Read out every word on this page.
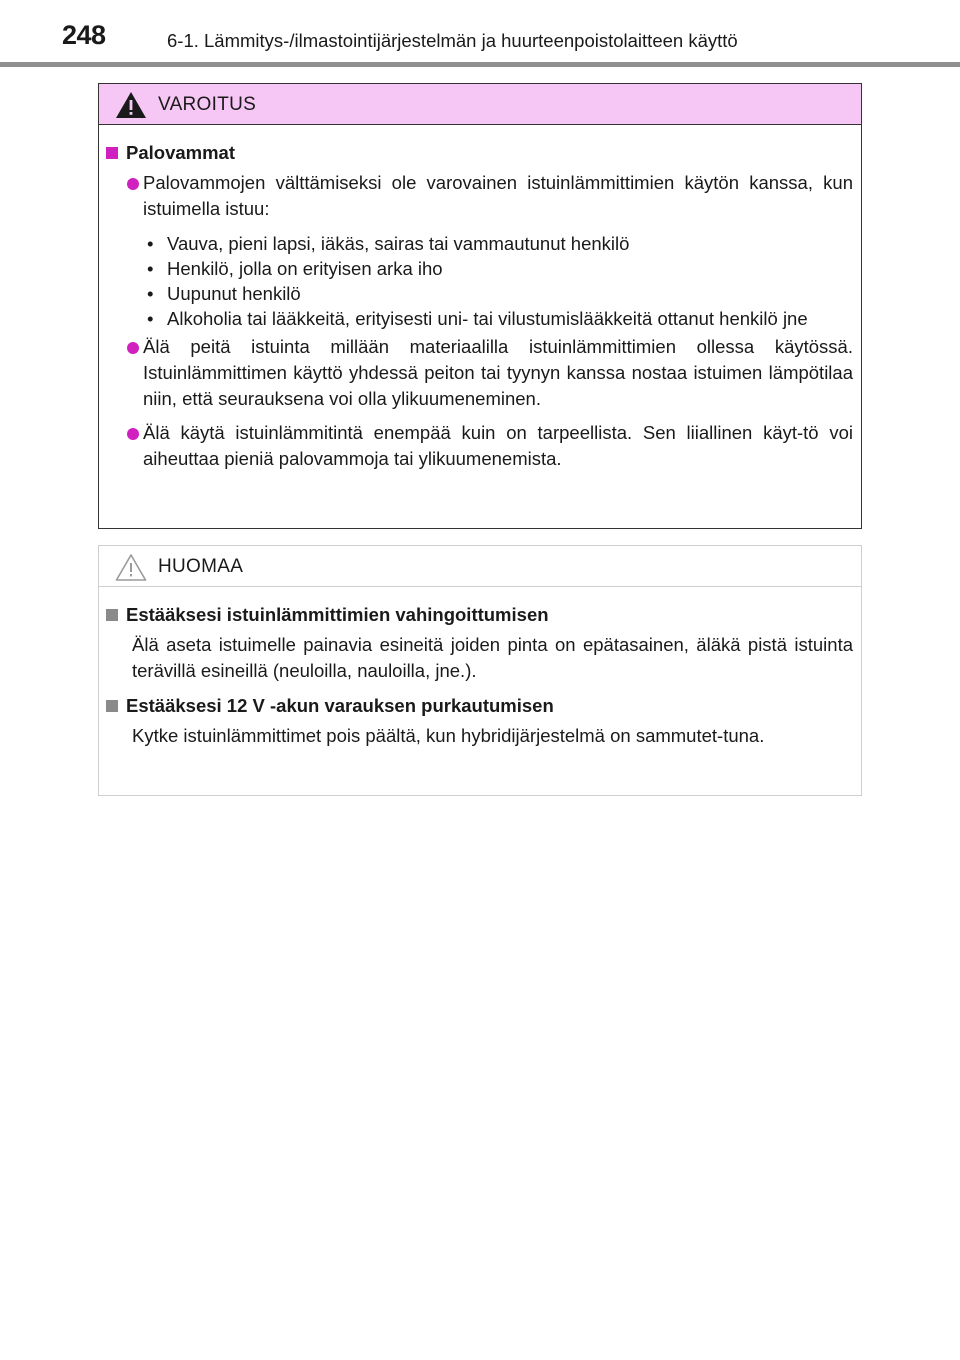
248	6-1. Lämmitys-/ilmastointijärjestelmän ja huurteenpoistolaitteen käyttö
VAROITUS
Palovammat
Palovammojen välttämiseksi ole varovainen istuinlämmittimien käytön kanssa, kun istuimella istuu:
• Vauva, pieni lapsi, iäkäs, sairas tai vammautunut henkilö
• Henkilö, jolla on erityisen arka iho
• Uupunut henkilö
• Alkoholia tai lääkkeitä, erityisesti uni- tai vilustumislääkkeitä ottanut henkilö jne
Älä peitä istuinta millään materiaalilla istuinlämmittimien ollessa käytössä. Istuinlämmittimen käyttö yhdessä peiton tai tyynyn kanssa nostaa istuimen lämpötilaa niin, että seurauksena voi olla ylikuumeneminen.
Älä käytä istuinlämmitintä enempää kuin on tarpeellista. Sen liiallinen käyt-tö voi aiheuttaa pieniä palovammoja tai ylikuumenemista.
HUOMAA
Estääksesi istuinlämmittimien vahingoittumisen
Älä aseta istuimelle painavia esineitä joiden pinta on epätasainen, äläkä pistä istuinta terävillä esineillä (neuloilla, nauloilla, jne.).
Estääksesi 12 V -akun varauksen purkautumisen
Kytke istuinlämmittimet pois päältä, kun hybridijärjestelmä on sammutet-tuna.
